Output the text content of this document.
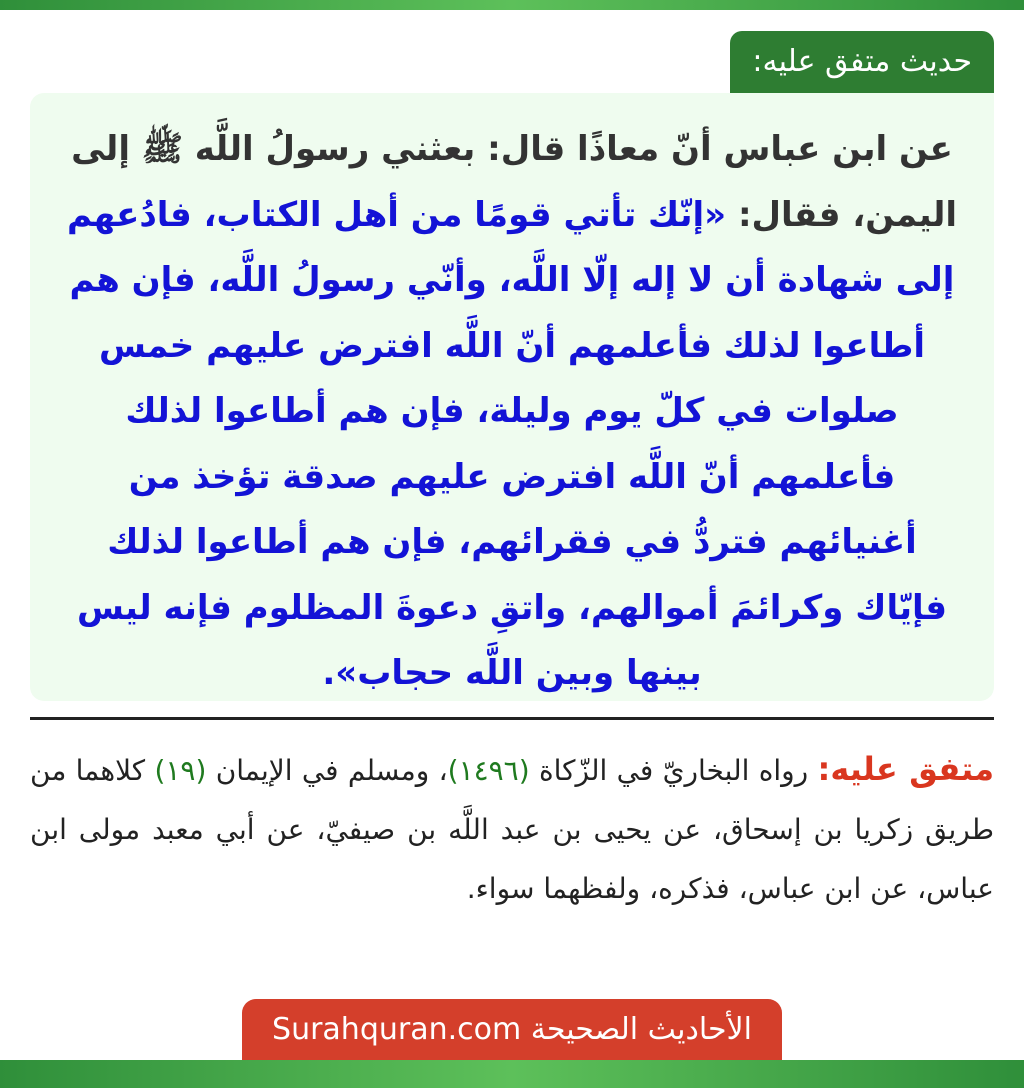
حديث متفق عليه:
عن ابن عباس أنّ معاذًا قال: بعثني رسولُ اللَّه ﷺ إلى اليمن، فقال: «إنّك تأتي قومًا من أهل الكتاب، فادُعهم إلى شهادة أن لا إله إلّا اللَّه، وأنّي رسولُ اللَّه، فإن هم أطاعوا لذلك فأعلمهم أنّ اللَّه افترض عليهم خمس صلوات في كلّ يوم وليلة، فإن هم أطاعوا لذلك فأعلمهم أنّ اللَّه افترض عليهم صدقة تؤخذ من أغنيائهم فتردُّ في فقرائهم، فإن هم أطاعوا لذلك فإيّاك وكرائمَ أموالهم، واتقِ دعوةَ المظلوم فإنه ليس بينها وبين اللَّه حجاب».
متفق عليه: رواه البخاريّ في الزّكاة (١٤٩٦)، ومسلم في الإيمان (١٩) كلاهما من طريق زكريا بن إسحاق، عن يحيى بن عبد اللَّه بن صيفيّ، عن أبي معبد مولى ابن عباس، عن ابن عباس، فذكره، ولفظهما سواء.
الأحاديث الصحيحة Surahquran.com
